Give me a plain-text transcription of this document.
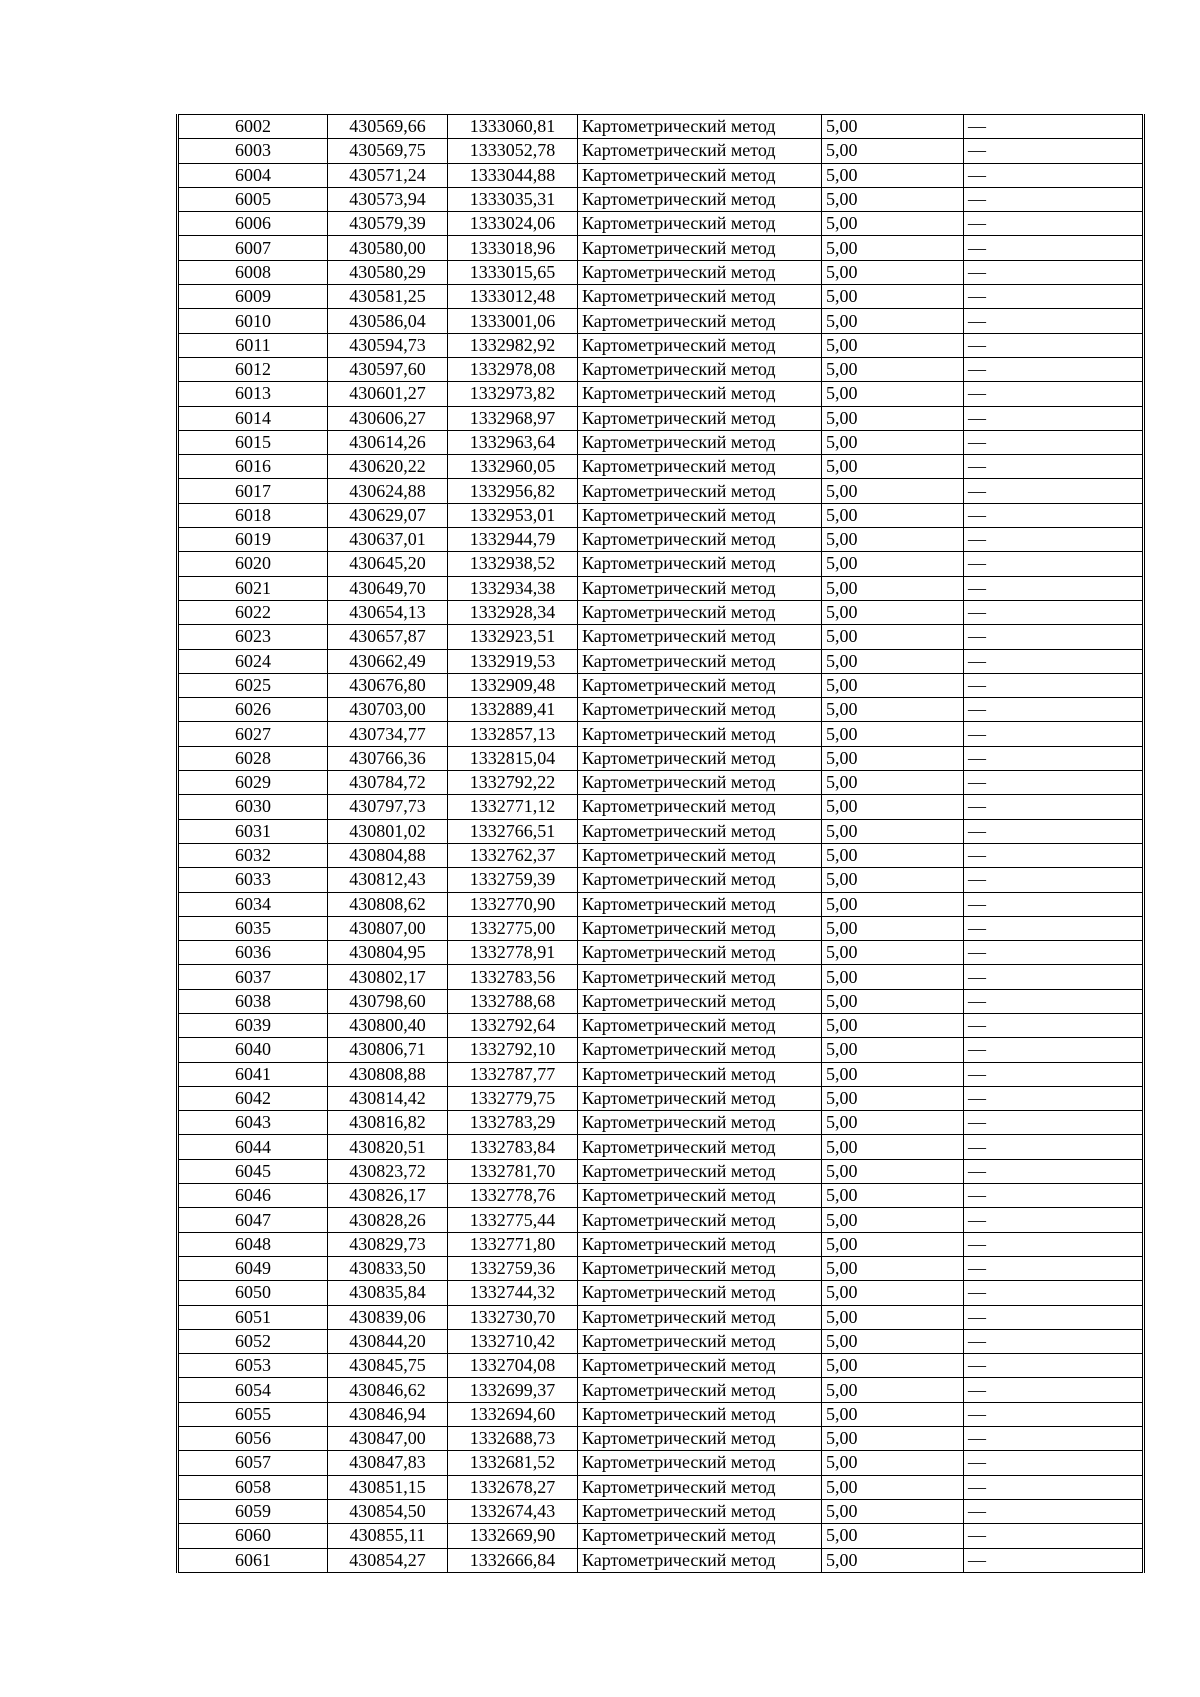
6002	430569,66	1333060,81	Картометрический метод	5,00	—
6003	430569,75	1333052,78	Картометрический метод	5,00	—
6004	430571,24	1333044,88	Картометрический метод	5,00	—
6005	430573,94	1333035,31	Картометрический метод	5,00	—
6006	430579,39	1333024,06	Картометрический метод	5,00	—
6007	430580,00	1333018,96	Картометрический метод	5,00	—
6008	430580,29	1333015,65	Картометрический метод	5,00	—
6009	430581,25	1333012,48	Картометрический метод	5,00	—
6010	430586,04	1333001,06	Картометрический метод	5,00	—
6011	430594,73	1332982,92	Картометрический метод	5,00	—
6012	430597,60	1332978,08	Картометрический метод	5,00	—
6013	430601,27	1332973,82	Картометрический метод	5,00	—
6014	430606,27	1332968,97	Картометрический метод	5,00	—
6015	430614,26	1332963,64	Картометрический метод	5,00	—
6016	430620,22	1332960,05	Картометрический метод	5,00	—
6017	430624,88	1332956,82	Картометрический метод	5,00	—
6018	430629,07	1332953,01	Картометрический метод	5,00	—
6019	430637,01	1332944,79	Картометрический метод	5,00	—
6020	430645,20	1332938,52	Картометрический метод	5,00	—
6021	430649,70	1332934,38	Картометрический метод	5,00	—
6022	430654,13	1332928,34	Картометрический метод	5,00	—
6023	430657,87	1332923,51	Картометрический метод	5,00	—
6024	430662,49	1332919,53	Картометрический метод	5,00	—
6025	430676,80	1332909,48	Картометрический метод	5,00	—
6026	430703,00	1332889,41	Картометрический метод	5,00	—
6027	430734,77	1332857,13	Картометрический метод	5,00	—
6028	430766,36	1332815,04	Картометрический метод	5,00	—
6029	430784,72	1332792,22	Картометрический метод	5,00	—
6030	430797,73	1332771,12	Картометрический метод	5,00	—
6031	430801,02	1332766,51	Картометрический метод	5,00	—
6032	430804,88	1332762,37	Картометрический метод	5,00	—
6033	430812,43	1332759,39	Картометрический метод	5,00	—
6034	430808,62	1332770,90	Картометрический метод	5,00	—
6035	430807,00	1332775,00	Картометрический метод	5,00	—
6036	430804,95	1332778,91	Картометрический метод	5,00	—
6037	430802,17	1332783,56	Картометрический метод	5,00	—
6038	430798,60	1332788,68	Картометрический метод	5,00	—
6039	430800,40	1332792,64	Картометрический метод	5,00	—
6040	430806,71	1332792,10	Картометрический метод	5,00	—
6041	430808,88	1332787,77	Картометрический метод	5,00	—
6042	430814,42	1332779,75	Картометрический метод	5,00	—
6043	430816,82	1332783,29	Картометрический метод	5,00	—
6044	430820,51	1332783,84	Картометрический метод	5,00	—
6045	430823,72	1332781,70	Картометрический метод	5,00	—
6046	430826,17	1332778,76	Картометрический метод	5,00	—
6047	430828,26	1332775,44	Картометрический метод	5,00	—
6048	430829,73	1332771,80	Картометрический метод	5,00	—
6049	430833,50	1332759,36	Картометрический метод	5,00	—
6050	430835,84	1332744,32	Картометрический метод	5,00	—
6051	430839,06	1332730,70	Картометрический метод	5,00	—
6052	430844,20	1332710,42	Картометрический метод	5,00	—
6053	430845,75	1332704,08	Картометрический метод	5,00	—
6054	430846,62	1332699,37	Картометрический метод	5,00	—
6055	430846,94	1332694,60	Картометрический метод	5,00	—
6056	430847,00	1332688,73	Картометрический метод	5,00	—
6057	430847,83	1332681,52	Картометрический метод	5,00	—
6058	430851,15	1332678,27	Картометрический метод	5,00	—
6059	430854,50	1332674,43	Картометрический метод	5,00	—
6060	430855,11	1332669,90	Картометрический метод	5,00	—
6061	430854,27	1332666,84	Картометрический метод	5,00	—
